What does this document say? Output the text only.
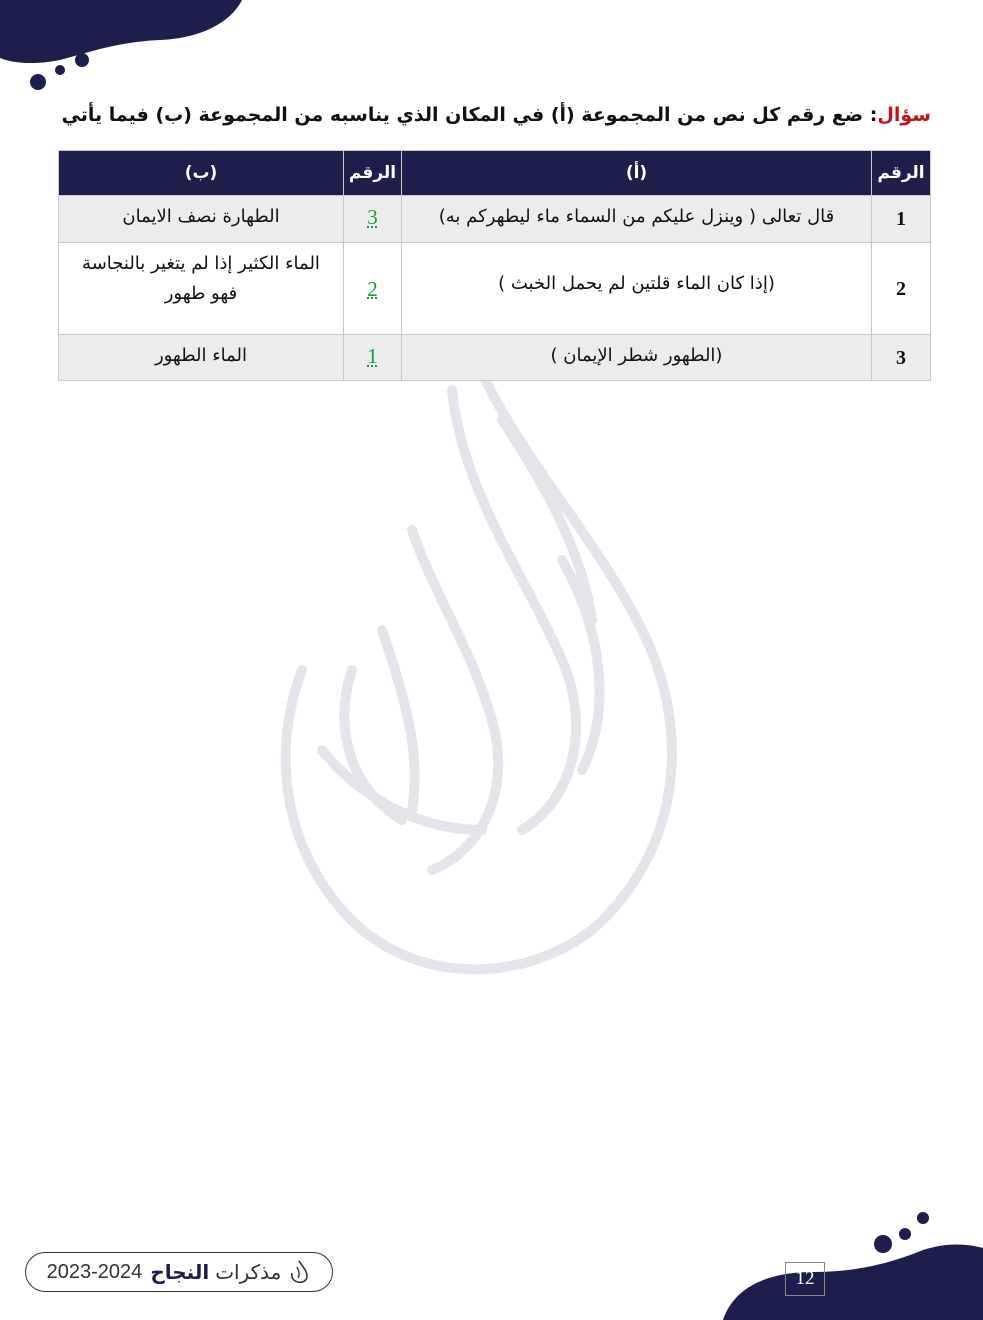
سؤال: ضع رقم كل نص من المجموعة (أ) في المكان الذي يناسبه من المجموعة (ب) فيما يأتي
الرقم	(أ)	الرقم	(ب)
1	قال تعالى ( وينزل عليكم من السماء ماء ليطهركم به)	3	الطهارة نصف الايمان
2	(إذا كان الماء قلتين لم يحمل الخبث )	2	الماء الكثير إذا لم يتغير بالنجاسة فهو طهور
3	(الطهور شطر الإيمان )	1	الماء الطهور
2023-2024	مذكرات
النجاح	12
